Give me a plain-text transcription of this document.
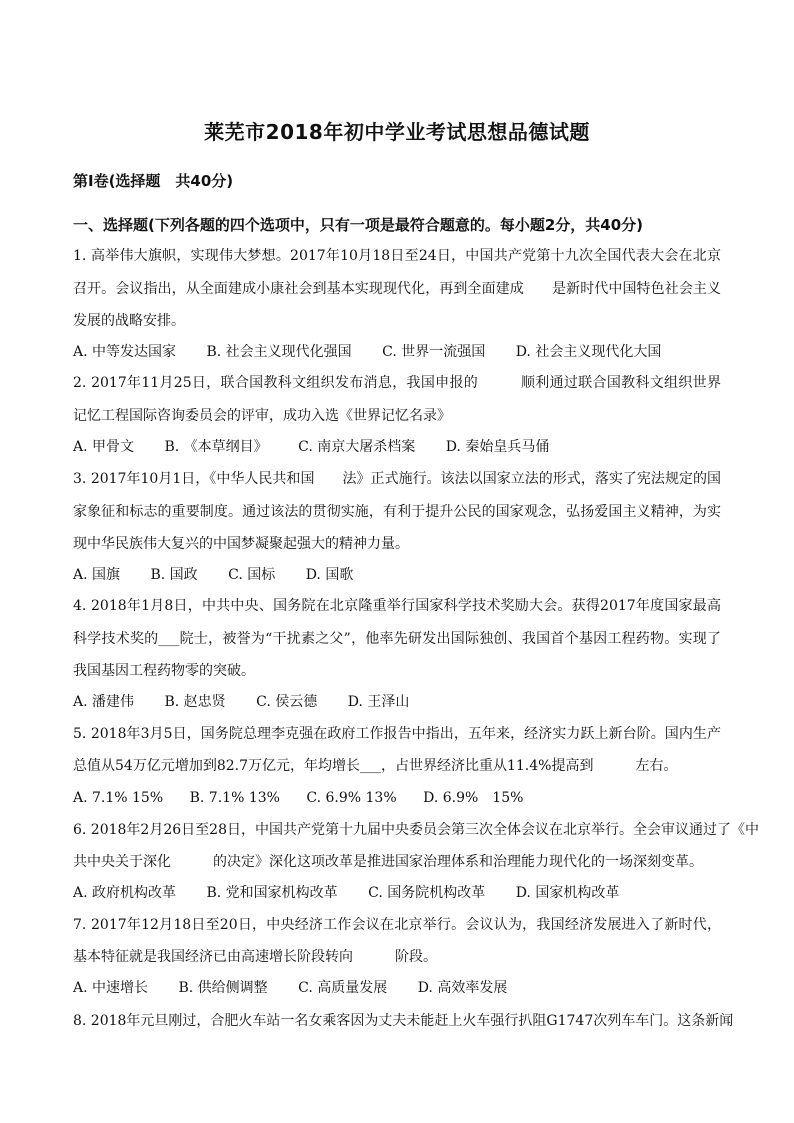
莱芜市2018年初中学业考试思想品德试题
第Ⅰ卷(选择题　共40分)
一、选择题(下列各题的四个选项中，只有一项是最符合题意的。每小题2分，共40分)
1. 高举伟大旗帜，实现伟大梦想。2017年10月18日至24日，中国共产党第十九次全国代表大会在北京
召开。会议指出，从全面建成小康社会到基本实现现代化，再到全面建成　　是新时代中国特色社会主义
发展的战略安排。
A. 中等发达国家 B. 社会主义现代化强国 C. 世界一流强国 D. 社会主义现代化大国
2. 2017年11月25日，联合国教科文组织发布消息，我国申报的　　　顺利通过联合国教科文组织世界
记忆工程国际咨询委员会的评审，成功入选《世界记忆名录》
A. 甲骨文 B. 《本草纲目》 C. 南京大屠杀档案 D. 秦始皇兵马俑
3. 2017年10月1日，《中华人民共和国　　法》正式施行。该法以国家立法的形式，落实了宪法规定的国
家象征和标志的重要制度。通过该法的贯彻实施，有利于提升公民的国家观念，弘扬爱国主义精神，为实
现中华民族伟大复兴的中国梦凝聚起强大的精神力量。
A. 国旗 B. 国政 C. 国标 D. 国歌
4. 2018年1月8日，中共中央、国务院在北京隆重举行国家科学技术奖励大会。获得2017年度国家最高
科学技术奖的___院士，被誉为“干扰素之父”，他率先研发出国际独创、我国首个基因工程药物。实现了
我国基因工程药物零的突破。
A. 潘建伟 B. 赵忠贤 C. 侯云德 D. 王泽山
5. 2018年3月5日，国务院总理李克强在政府工作报告中指出，五年来，经济实力跃上新台阶。国内生产
总值从54万亿元增加到82.7万亿元，年均增长___，占世界经济比重从11.4%提高到　　　左右。
A. 7.1% 15% B. 7.1% 13% C. 6.9% 13% D. 6.9%　15%
6. 2018年2月26日至28日，中国共产党第十九届中央委员会第三次全体会议在北京举行。全会审议通过了《中
共中央关于深化　　　的决定》深化这项改革是推进国家治理体系和治理能力现代化的一场深刻变革。
A. 政府机构改革 B. 党和国家机构改革 C. 国务院机构改革 D. 国家机构改革
7. 2017年12月18日至20日，中央经济工作会议在北京举行。会议认为，我国经济发展进入了新时代，
基本特征就是我国经济已由高速增长阶段转向　　　阶段。
A. 中速增长 B. 供给侧调整 C. 高质量发展 D. 高效率发展
8. 2018年元旦刚过，合肥火车站一名女乘客因为丈夫未能赶上火车强行扒阻G1747次列车车门。这条新闻
